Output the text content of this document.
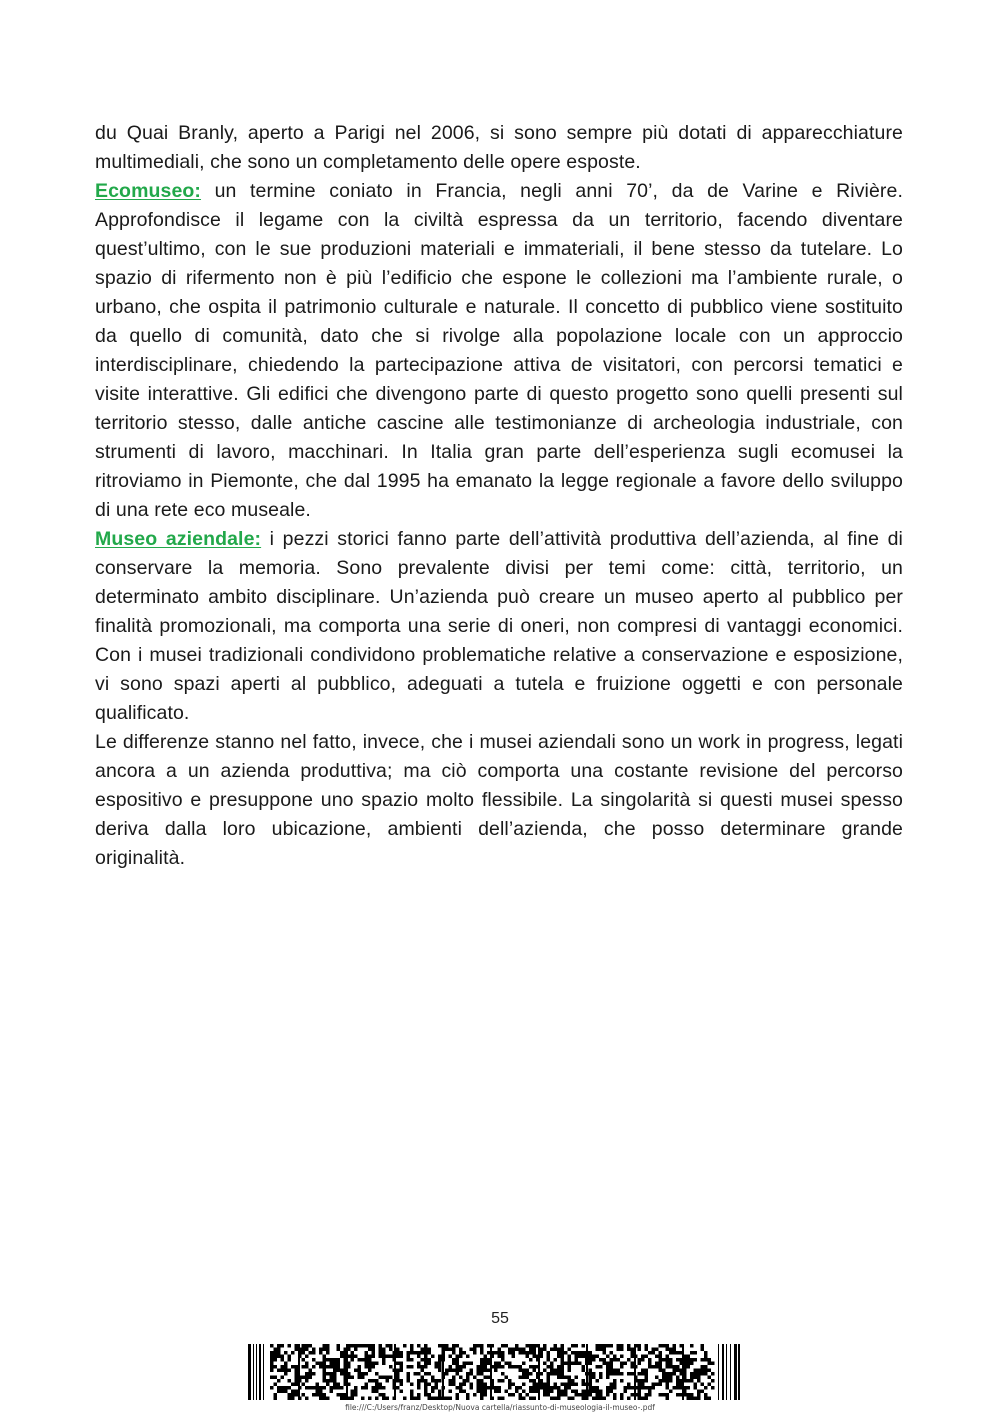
du Quai Branly, aperto a Parigi nel 2006, si sono sempre più dotati di apparecchiature multimediali, che sono un completamento delle opere esposte.

Ecomuseo: un termine coniato in Francia, negli anni 70’, da de Varine e Rivière. Approfondisce il legame con la civiltà espressa da un territorio, facendo diventare quest’ultimo, con le sue produzioni materiali e immateriali, il bene stesso da tutelare. Lo spazio di rifermento non è più l’edificio che espone le collezioni ma l’ambiente rurale, o urbano, che ospita il patrimonio culturale e naturale. Il concetto di pubblico viene sostituito da quello di comunità, dato che si rivolge alla popolazione locale con un approccio interdisciplinare, chiedendo la partecipazione attiva de visitatori, con percorsi tematici e visite interattive. Gli edifici che divengono parte di questo progetto sono quelli presenti sul territorio stesso, dalle antiche cascine alle testimonianze di archeologia industriale, con strumenti di lavoro, macchinari. In Italia gran parte dell’esperienza sugli ecomusei la ritroviamo in Piemonte, che dal 1995 ha emanato la legge regionale a favore dello sviluppo di una rete eco museale.

Museo aziendale: i pezzi storici fanno parte dell’attività produttiva dell’azienda, al fine di conservare la memoria. Sono prevalente divisi per temi come: città, territorio, un determinato ambito disciplinare. Un’azienda può creare un museo aperto al pubblico per finalità promozionali, ma comporta una serie di oneri, non compresi di vantaggi economici. Con i musei tradizionali condividono problematiche relative a conservazione e esposizione, vi sono spazi aperti al pubblico, adeguati a tutela e fruizione oggetti e con personale qualificato.

Le differenze stanno nel fatto, invece, che i musei aziendali sono un work in progress, legati ancora a un azienda produttiva; ma ciò comporta una costante revisione del percorso espositivo e presuppone uno spazio molto flessibile. La singolarità si questi musei spesso deriva dalla loro ubicazione, ambienti dell’azienda, che posso determinare grande originalità.

55
file:///C:/Users/franz/Desktop/Nuova cartella/riassunto-di-museologia-il-museo-.pdf
